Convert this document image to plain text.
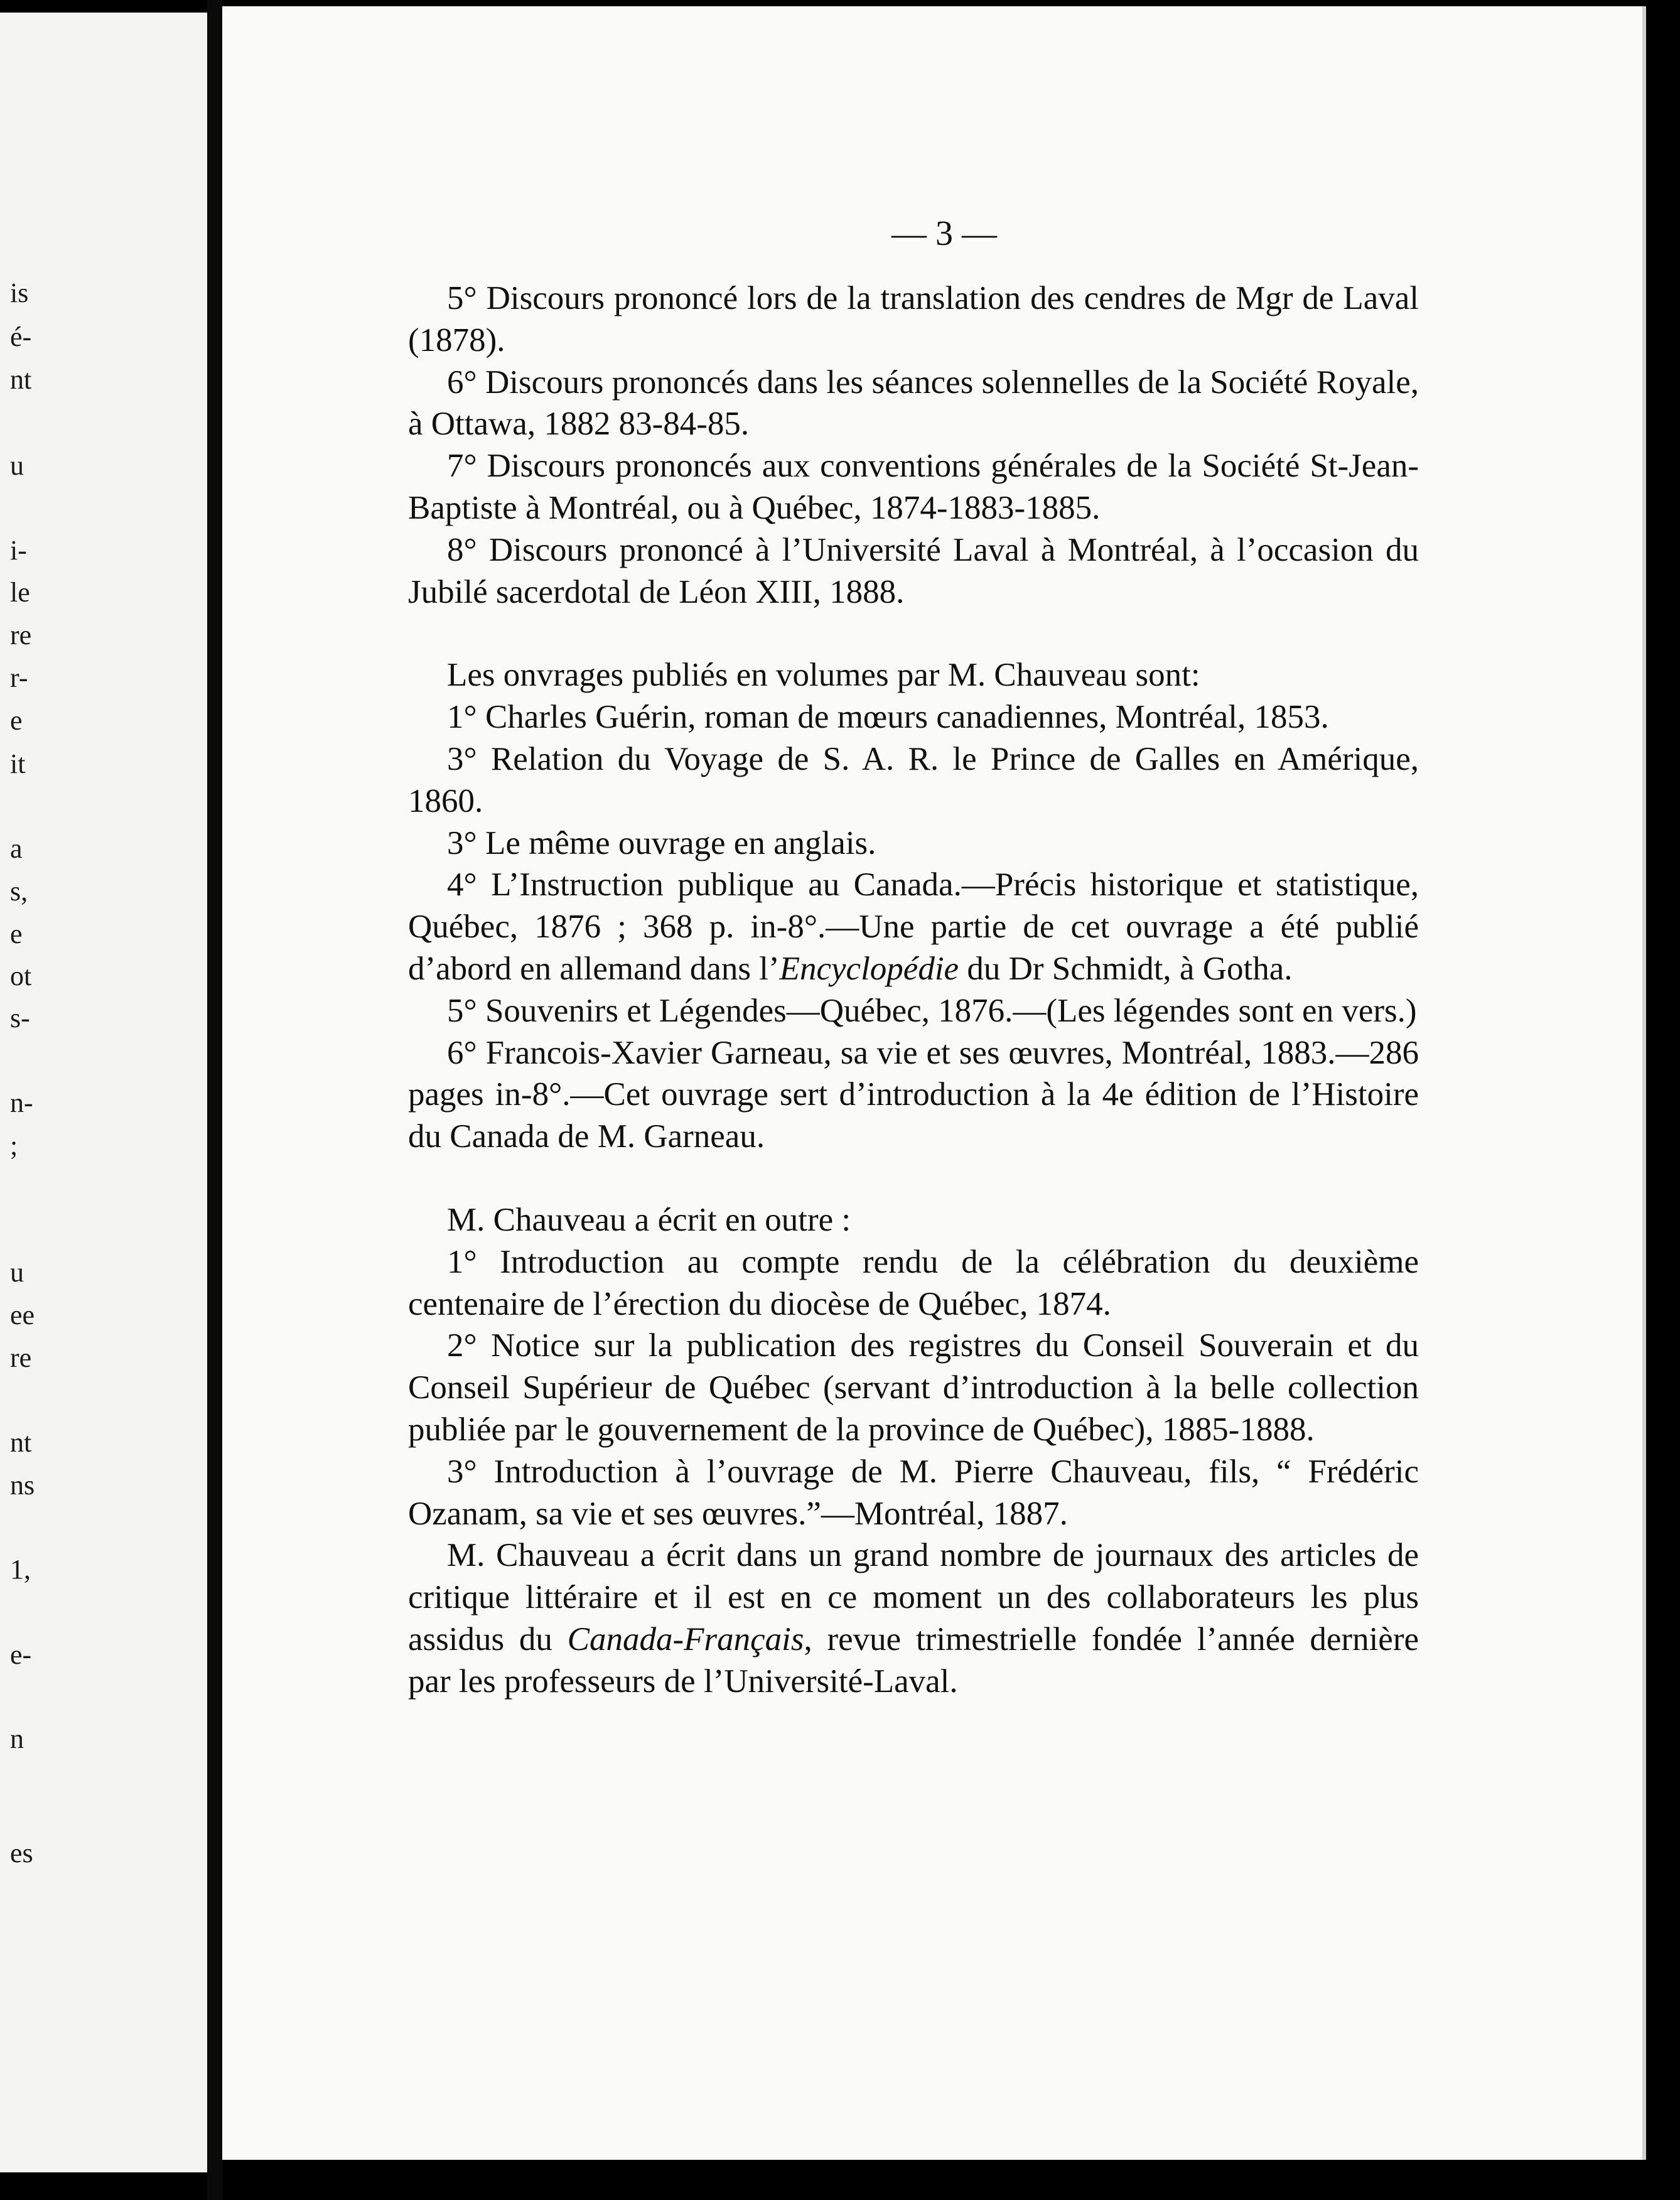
is
é-
nt
u
i-
le
re
r-
e
it
a
s,
e
ot
s-
n-
;
u
ee
re
nt
ns
1,
e-
n
es
— 3 —

5° Discours prononcé lors de la translation des cendres de Mgr de Laval (1878).

6° Discours prononcés dans les séances solennelles de la Société Royale, à Ottawa, 1882 83-84-85.

7° Discours prononcés aux conventions générales de la Société St-Jean-Baptiste à Montréal, ou à Québec, 1874-1883-1885.

8° Discours prononcé à l’Université Laval à Montréal, à l’occasion du Jubilé sacerdotal de Léon XIII, 1888.

Les onvrages publiés en volumes par M. Chauveau sont:

1° Charles Guérin, roman de mœurs canadiennes, Montréal, 1853.

3° Relation du Voyage de S. A. R. le Prince de Galles en Amérique, 1860.

3° Le même ouvrage en anglais.

4° L’Instruction publique au Canada.—Précis historique et statistique, Québec, 1876 ; 368 p. in-8°.—Une partie de cet ouvrage a été publié d’abord en allemand dans l’Encyclopédie du Dr Schmidt, à Gotha.

5° Souvenirs et Légendes—Québec, 1876.—(Les légendes sont en vers.)

6° Francois-Xavier Garneau, sa vie et ses œuvres, Montréal, 1883.—286 pages in-8°.—Cet ouvrage sert d’introduction à la 4e édition de l’Histoire du Canada de M. Garneau.

M. Chauveau a écrit en outre :

1° Introduction au compte rendu de la célébration du deuxième centenaire de l’érection du diocèse de Québec, 1874.

2° Notice sur la publication des registres du Conseil Souverain et du Conseil Supérieur de Québec (servant d’introduction à la belle collection publiée par le gouvernement de la province de Québec), 1885-1888.

3° Introduction à l’ouvrage de M. Pierre Chauveau, fils, “ Frédéric Ozanam, sa vie et ses œuvres.”—Montréal, 1887.

M. Chauveau a écrit dans un grand nombre de journaux des articles de critique littéraire et il est en ce moment un des collaborateurs les plus assidus du Canada-Français, revue trimestrielle fondée l’année dernière par les professeurs de l’Université-Laval.
